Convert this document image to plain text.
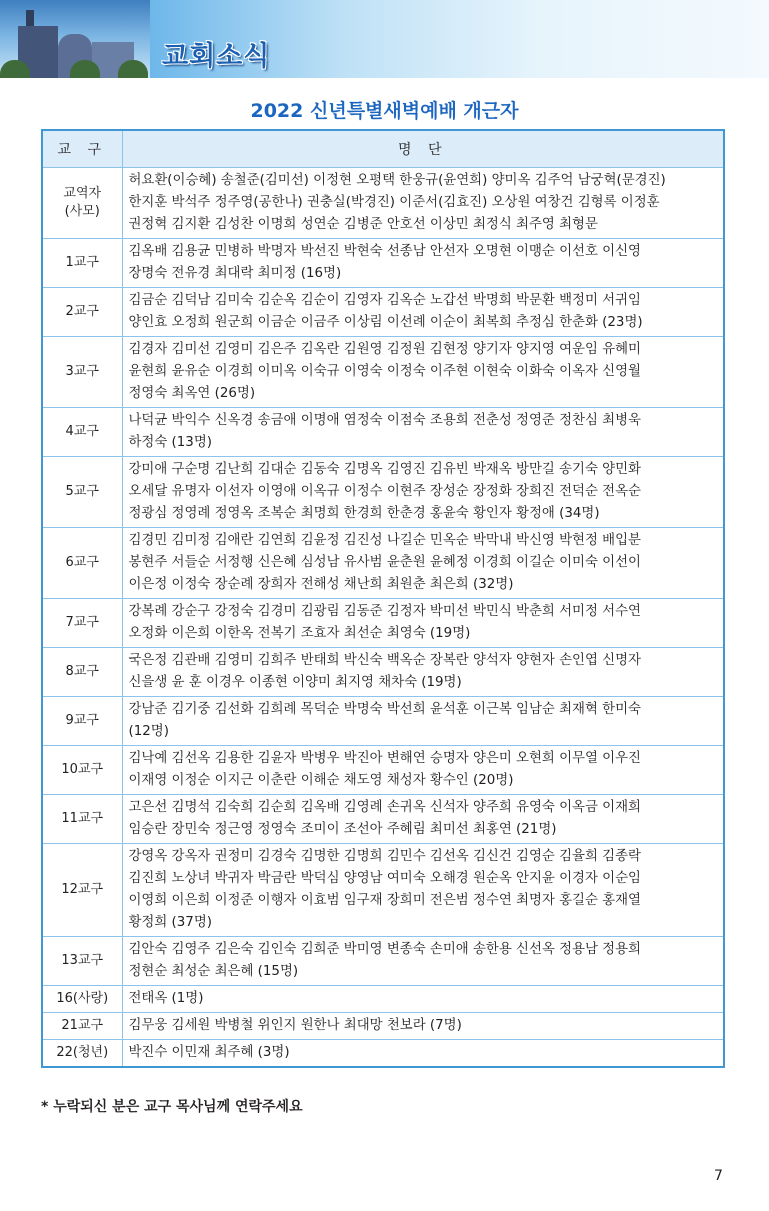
교회소식
2022 신년특별새벽예배 개근자
교 구	명 단
교역자
(사모)	허요환(이승혜) 송철준(김미선) 이정현 오평택 한웅규(윤연희) 양미옥 김주억 남궁혁(문경진)
한지훈 박석주 정주영(공한나) 권충실(박경진) 이준서(김효진) 오상원 여창건 김형록 이정훈
권정혁 김지환 김성찬 이명희 성연순 김병준 안호선 이상민 최정식 최주영 최형문
1교구	김옥배 김용균 민병하 박명자 박선진 박현숙 선종남 안선자 오명현 이맹순 이선호 이신영
장명숙 전유경 최대락 최미정 (16명)
2교구	김금순 김덕남 김미숙 김순옥 김순이 김영자 김옥순 노갑선 박명희 박문환 백정미 서귀임
양인효 오정희 원군희 이금순 이금주 이상림 이선례 이순이 최복희 추정심 한춘화 (23명)
3교구	김경자 김미선 김영미 김은주 김옥란 김원영 김정원 김현정 양기자 양지영 여운임 유혜미
윤현희 윤유순 이경희 이미옥 이숙규 이영숙 이정숙 이주현 이현숙 이화숙 이옥자 신영월
정영숙 최옥연 (26명)
4교구	나덕균 박익수 신옥경 송금애 이명애 염정숙 이점숙 조용희 전춘성 정영준 정찬심 최병욱
하정숙 (13명)
5교구	강미애 구순명 김난희 김대순 김동숙 김명옥 김영진 김유빈 박재옥 방만길 송기숙 양민화
오세달 유명자 이선자 이영애 이옥규 이정수 이현주 장성순 장정화 장희진 전덕순 전옥순
정광심 정영례 정영옥 조복순 최명희 한경희 한춘경 홍윤숙 황인자 황정애 (34명)
6교구	김경민 김미정 김애란 김연희 김윤정 김진성 나길순 민옥순 박막내 박신영 박현정 배입분
봉현주 서들순 서정행 신은혜 심성남 유사범 윤춘원 윤혜정 이경희 이길순 이미숙 이선이
이은정 이정숙 장순례 장희자 전해성 채난희 최원춘 최은희 (32명)
7교구	강복례 강순구 강정숙 김경미 김광림 김동준 김정자 박미선 박민식 박춘희 서미정 서수연
오정화 이은희 이한옥 전복기 조효자 최선순 최영숙 (19명)
8교구	국은정 김관배 김영미 김희주 반태희 박신숙 백옥순 장복란 양석자 양현자 손인엽 신명자
신을생 윤 훈 이경우 이종현 이양미 최지영 채차숙 (19명)
9교구	강남준 김기중 김선화 김희례 목덕순 박명숙 박선희 윤석훈 이근복 임남순 최재혁 한미숙
(12명)
10교구	김낙예 김선옥 김용한 김윤자 박병우 박진아 변해연 승명자 양은미 오현희 이무열 이우진
이재영 이정순 이지근 이춘란 이해순 채도영 채성자 황수인 (20명)
11교구	고은선 김명석 김숙희 김순희 김옥배 김영례 손귀옥 신석자 양주희 유영숙 이옥금 이재희
임승란 장민숙 정근영 정영숙 조미이 조선아 주혜림 최미선 최홍연 (21명)
12교구	강영옥 강옥자 권정미 김경숙 김명한 김명희 김민수 김선옥 김신건 김영순 김율희 김종락
김진희 노상녀 박귀자 박금란 박덕심 양영남 여미숙 오해경 원순옥 안지윤 이경자 이순임
이영희 이은희 이정준 이행자 이효범 임구재 장희미 전은범 정수연 최명자 홍길순 홍재열
황정희 (37명)
13교구	김안숙 김영주 김은숙 김인숙 김희준 박미영 변종숙 손미애 송한용 신선옥 정용남 정용희
정현순 최성순 최은혜 (15명)
16(사랑)	전태옥 (1명)
21교구	김무웅 김세원 박병철 위인지 원한나 최대망 천보라 (7명)
22(청년)	박진수 이민재 최주혜 (3명)
* 누락되신 분은 교구 목사님께 연락주세요
7
